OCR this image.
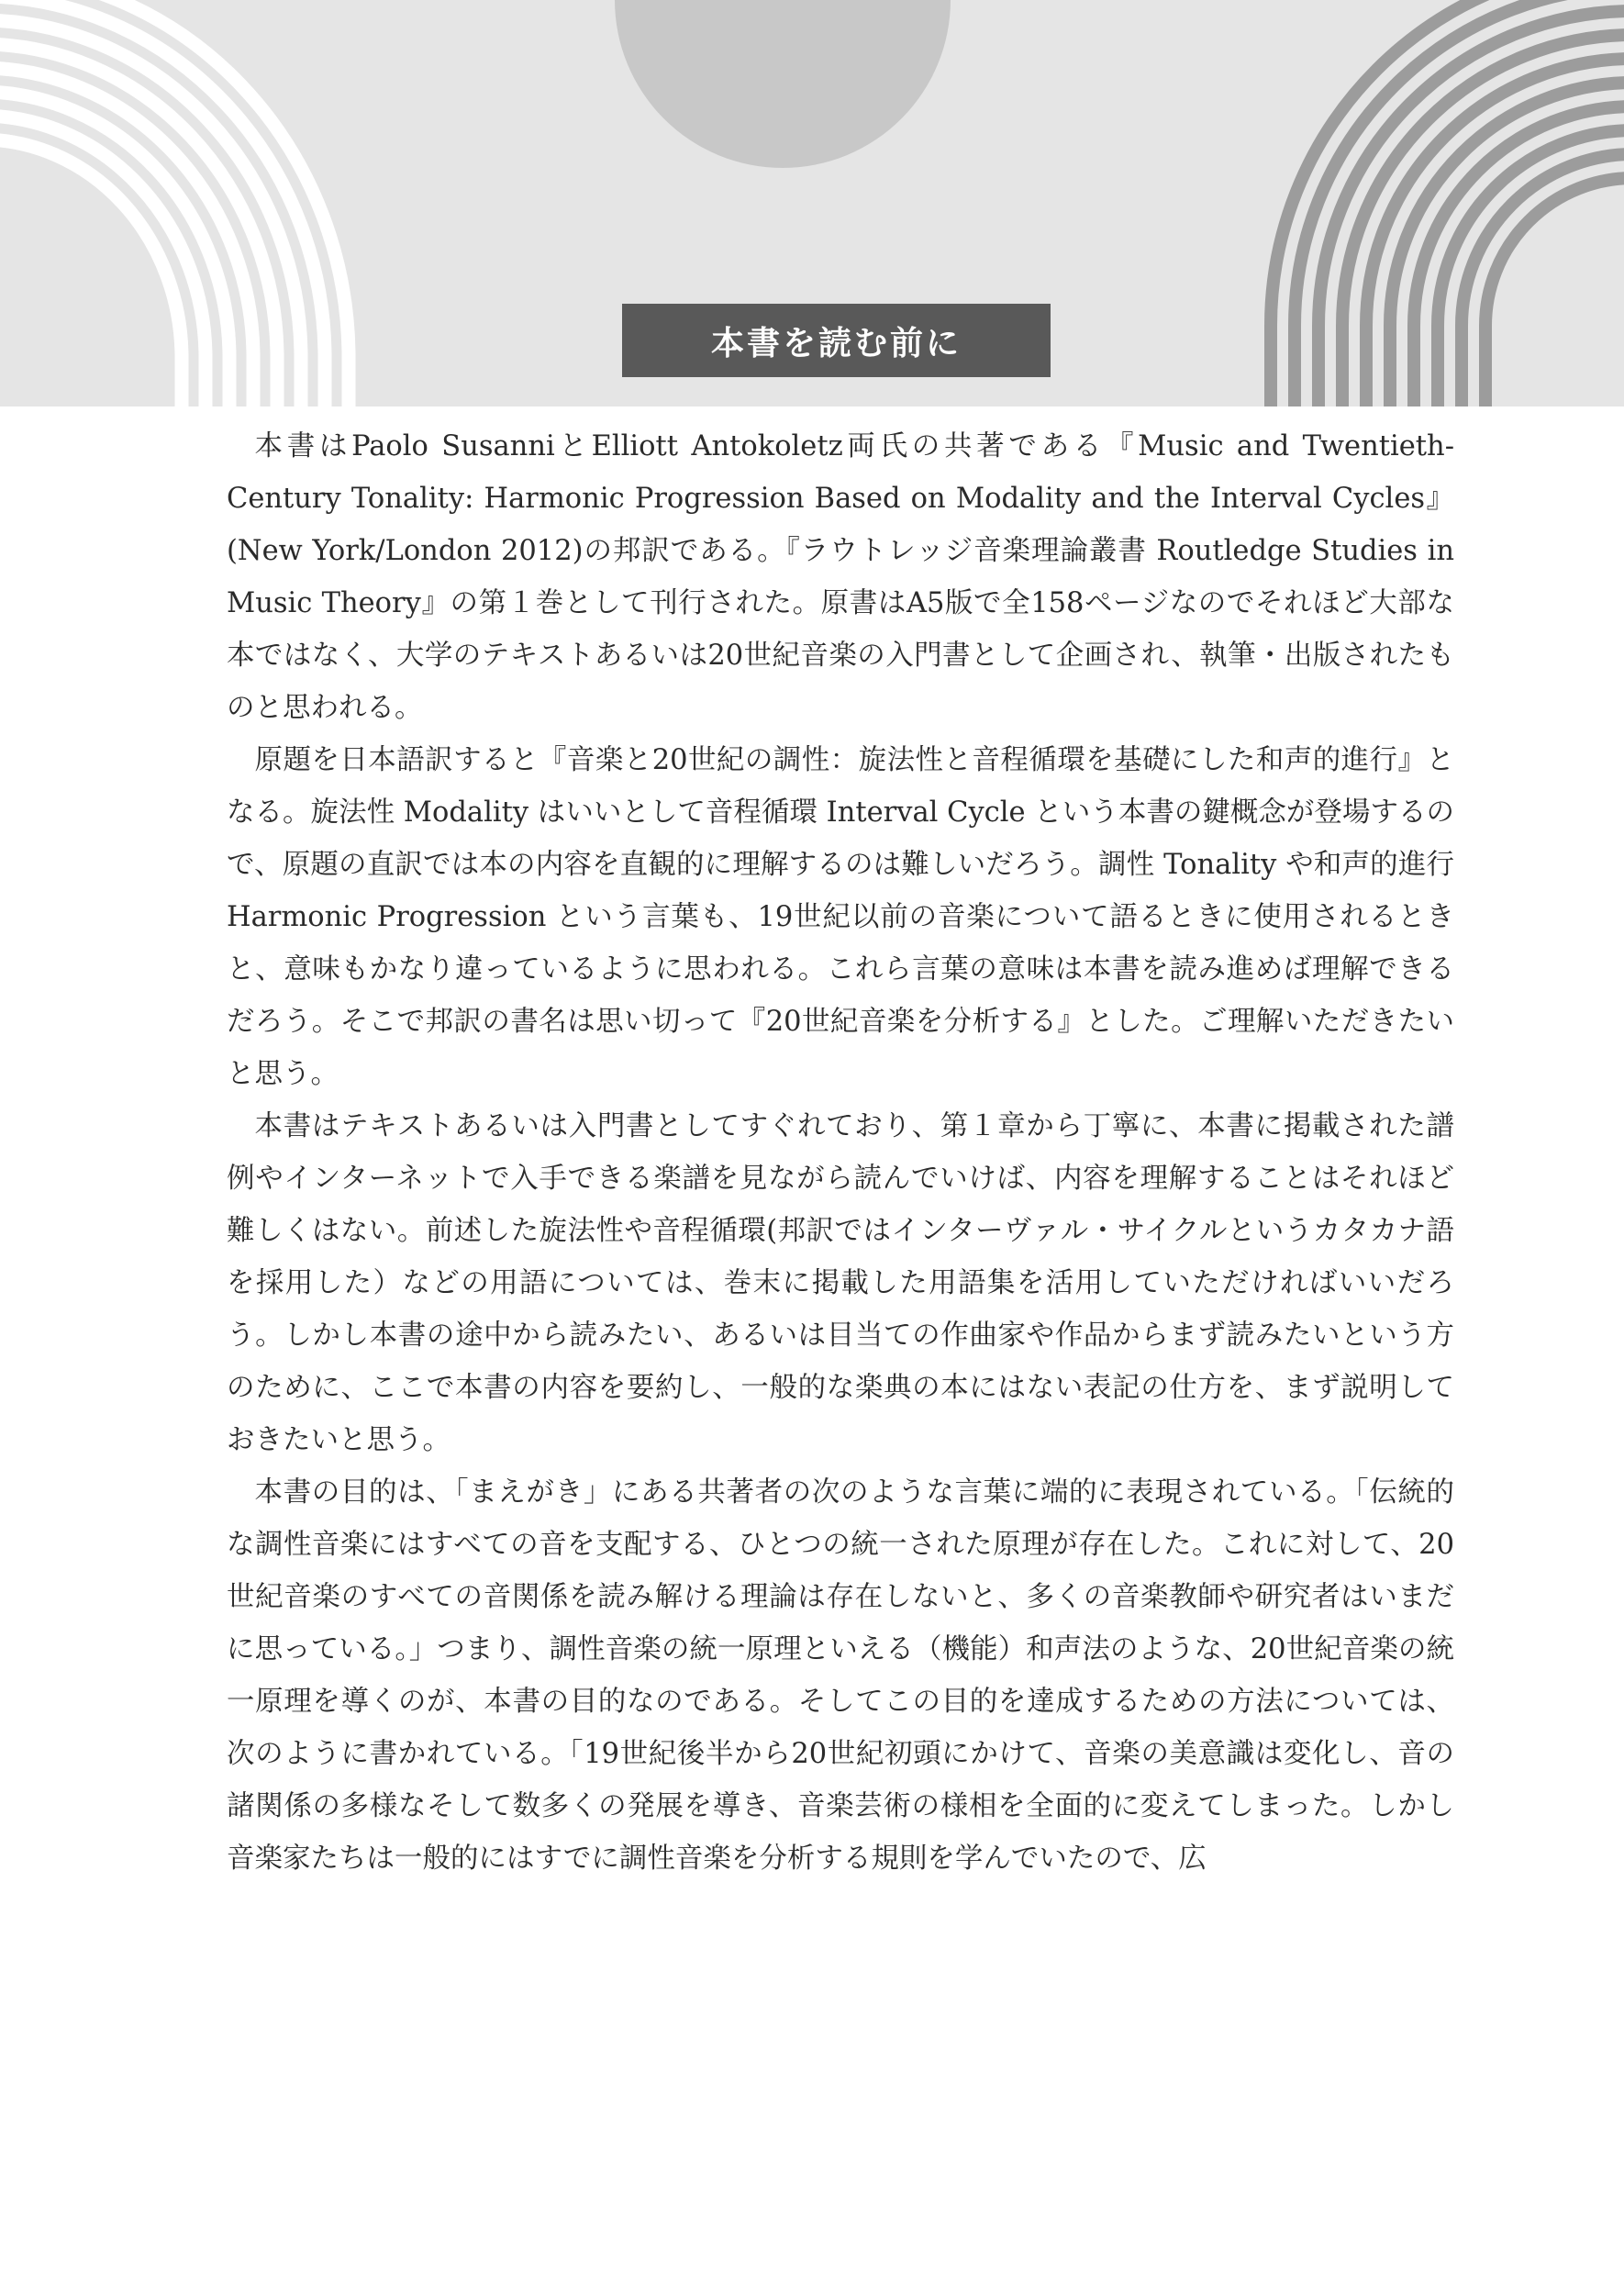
本書を読む前に

本書はPaolo SusanniとElliott Antokoletz両氏の共著である『Music and Twentieth-Century Tonality: Harmonic Progression Based on Modality and the Interval Cycles』(New York/London 2012)の邦訳である。『ラウトレッジ音楽理論叢書 Routledge Studies in Music Theory』の第１巻として刊行された。原書はA5版で全158ページなのでそれほど大部な本ではなく、大学のテキストあるいは20世紀音楽の入門書として企画され、執筆・出版されたものと思われる。

原題を日本語訳すると『音楽と20世紀の調性：旋法性と音程循環を基礎にした和声的進行』となる。旋法性 Modality はいいとして音程循環 Interval Cycle という本書の鍵概念が登場するので、原題の直訳では本の内容を直観的に理解するのは難しいだろう。調性 Tonality や和声的進行 Harmonic Progression という言葉も、19世紀以前の音楽について語るときに使用されるときと、意味もかなり違っているように思われる。これら言葉の意味は本書を読み進めば理解できるだろう。そこで邦訳の書名は思い切って『20世紀音楽を分析する』とした。ご理解いただきたいと思う。

本書はテキストあるいは入門書としてすぐれており、第１章から丁寧に、本書に掲載された譜例やインターネットで入手できる楽譜を見ながら読んでいけば、内容を理解することはそれほど難しくはない。前述した旋法性や音程循環(邦訳ではインターヴァル・サイクルというカタカナ語を採用した）などの用語については、巻末に掲載した用語集を活用していただければいいだろう。しかし本書の途中から読みたい、あるいは目当ての作曲家や作品からまず読みたいという方のために、ここで本書の内容を要約し、一般的な楽典の本にはない表記の仕方を、まず説明しておきたいと思う。

本書の目的は、「まえがき」にある共著者の次のような言葉に端的に表現されている。「伝統的な調性音楽にはすべての音を支配する、ひとつの統一された原理が存在した。これに対して、20世紀音楽のすべての音関係を読み解ける理論は存在しないと、多くの音楽教師や研究者はいまだに思っている。」つまり、調性音楽の統一原理といえる（機能）和声法のような、20世紀音楽の統一原理を導くのが、本書の目的なのである。そしてこの目的を達成するための方法については、次のように書かれている。「19世紀後半から20世紀初頭にかけて、音楽の美意識は変化し、音の諸関係の多様なそして数多くの発展を導き、音楽芸術の様相を全面的に変えてしまった。しかし音楽家たちは一般的にはすでに調性音楽を分析する規則を学んでいたので、広
